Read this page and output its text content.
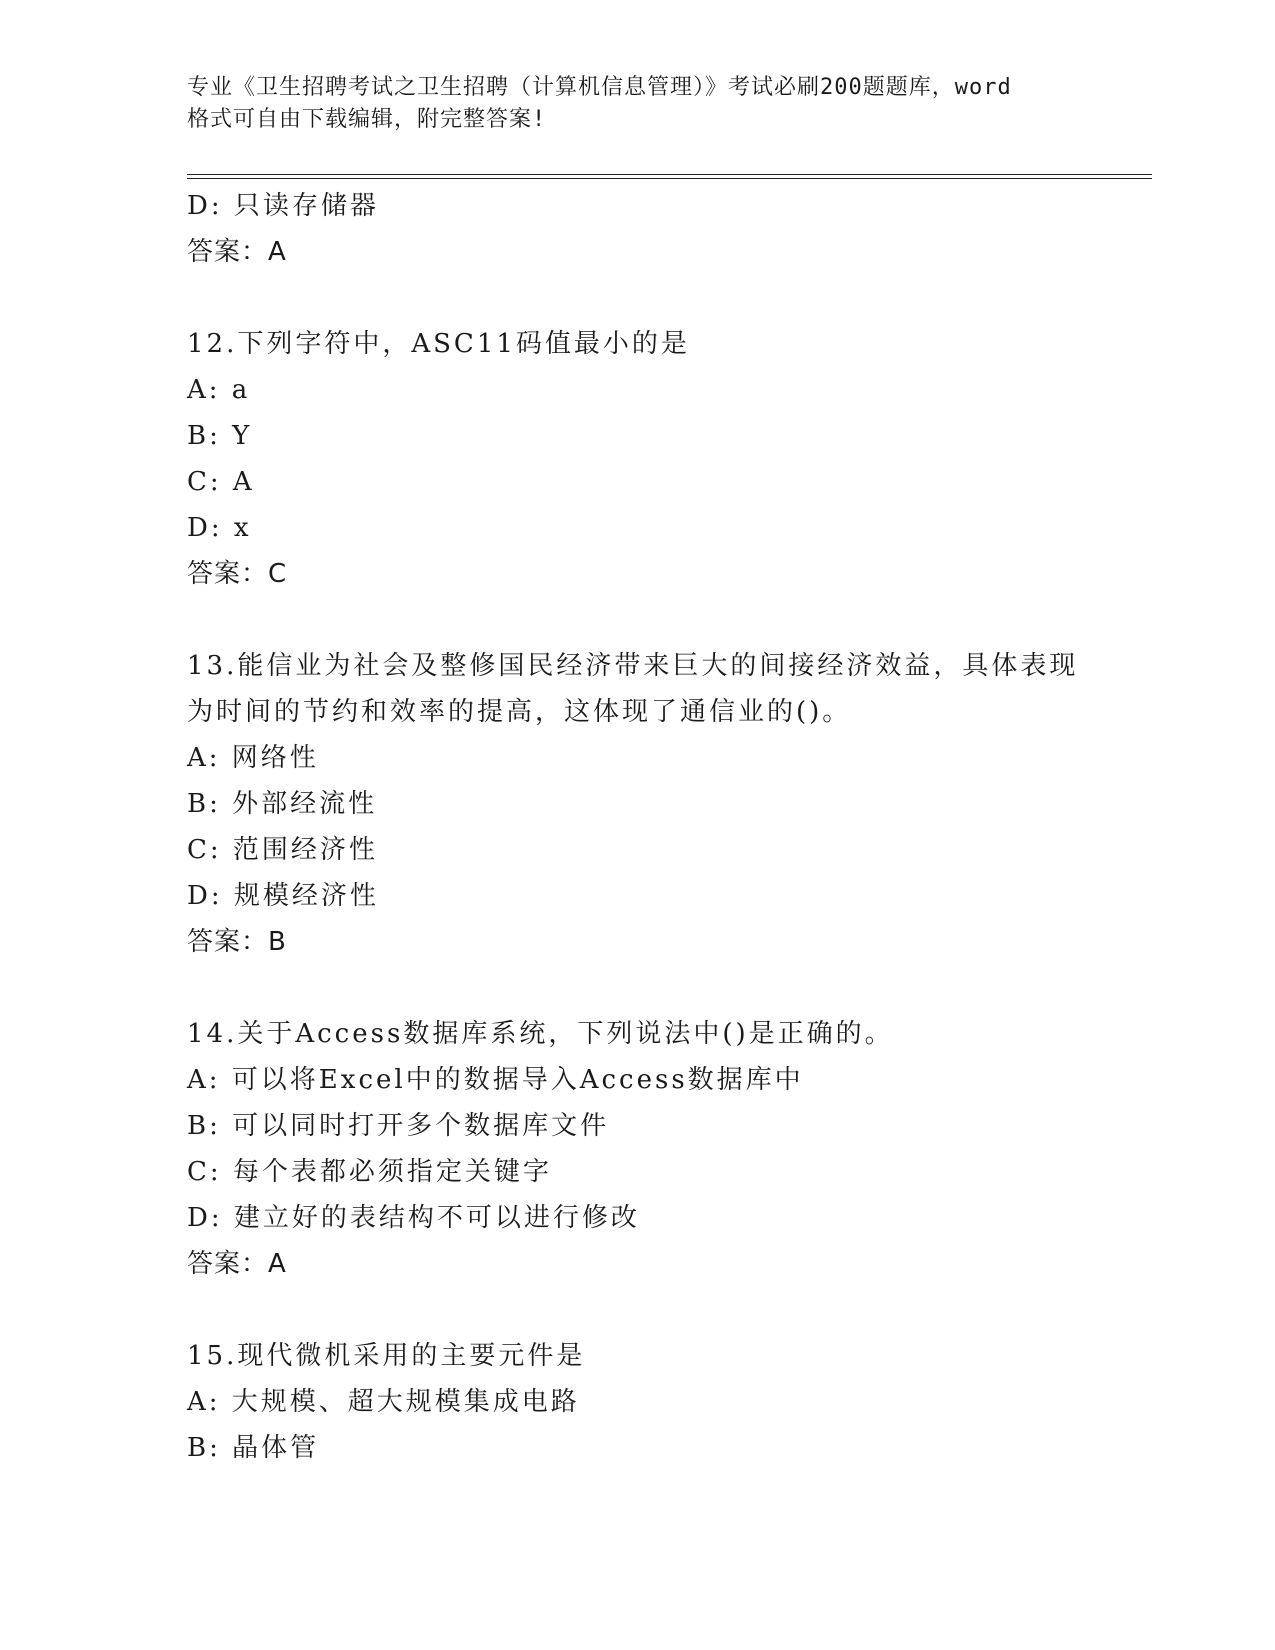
专业《卫生招聘考试之卫生招聘（计算机信息管理）》考试必刷200题题库，word

格式可自由下载编辑，附完整答案!

D: 只读存储器
答案：A
12.下列字符中，ASC11码值最小的是
A: a
B: Y
C: A
D: x
答案：C
13.能信业为社会及整修国民经济带来巨大的间接经济效益，具体表现
为时间的节约和效率的提高，这体现了通信业的()。
A: 网络性
B: 外部经流性
C: 范围经济性
D: 规模经济性
答案：B
14.关于Access数据库系统，下列说法中()是正确的。
A: 可以将Excel中的数据导入Access数据库中
B: 可以同时打开多个数据库文件
C: 每个表都必须指定关键字
D: 建立好的表结构不可以进行修改
答案：A
15.现代微机采用的主要元件是
A: 大规模、超大规模集成电路
B: 晶体管
